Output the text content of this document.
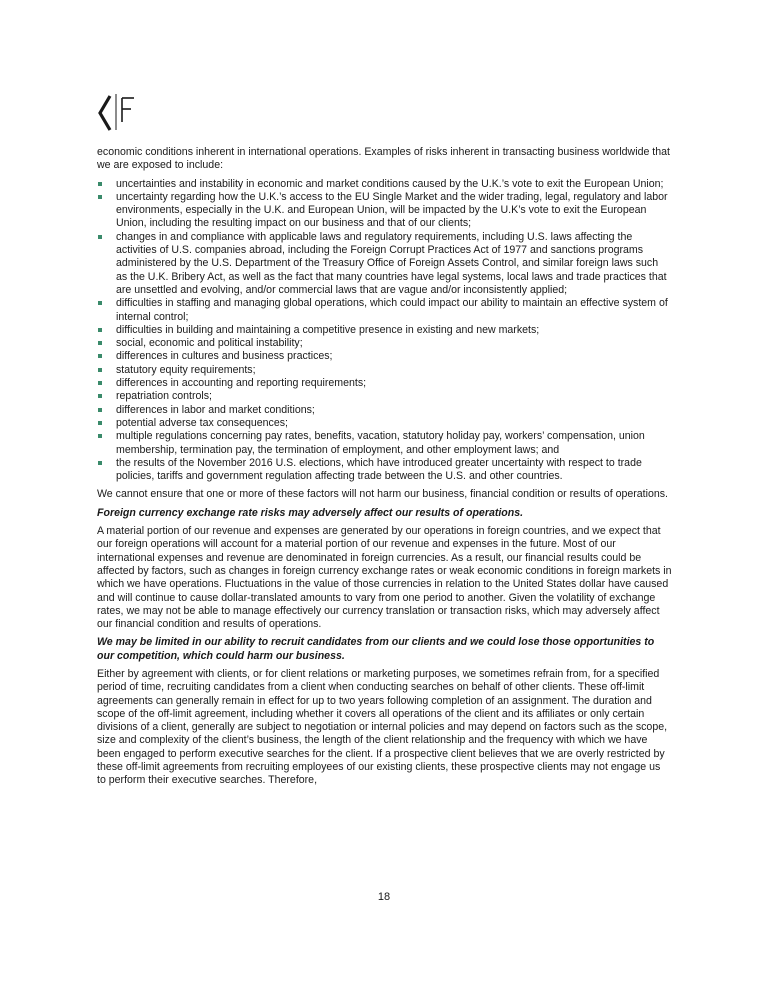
economic conditions inherent in international operations. Examples of risks inherent in transacting business worldwide that we are exposed to include:

uncertainties and instability in economic and market conditions caused by the U.K.’s vote to exit the European Union;
uncertainty regarding how the U.K.’s access to the EU Single Market and the wider trading, legal, regulatory and labor environments, especially in the U.K. and European Union, will be impacted by the U.K’s vote to exit the European Union, including the resulting impact on our business and that of our clients;
changes in and compliance with applicable laws and regulatory requirements, including U.S. laws affecting the activities of U.S. companies abroad, including the Foreign Corrupt Practices Act of 1977 and sanctions programs administered by the U.S. Department of the Treasury Office of Foreign Assets Control, and similar foreign laws such as the U.K. Bribery Act, as well as the fact that many countries have legal systems, local laws and trade practices that are unsettled and evolving, and/or commercial laws that are vague and/or inconsistently applied;
difficulties in staffing and managing global operations, which could impact our ability to maintain an effective system of internal control;
difficulties in building and maintaining a competitive presence in existing and new markets;
social, economic and political instability;
differences in cultures and business practices;
statutory equity requirements;
differences in accounting and reporting requirements;
repatriation controls;
differences in labor and market conditions;
potential adverse tax consequences;
multiple regulations concerning pay rates, benefits, vacation, statutory holiday pay, workers’ compensation, union membership, termination pay, the termination of employment, and other employment laws; and
the results of the November 2016 U.S. elections, which have introduced greater uncertainty with respect to trade policies, tariffs and government regulation affecting trade between the U.S. and other countries.

We cannot ensure that one or more of these factors will not harm our business, financial condition or results of operations.

Foreign currency exchange rate risks may adversely affect our results of operations.

A material portion of our revenue and expenses are generated by our operations in foreign countries, and we expect that our foreign operations will account for a material portion of our revenue and expenses in the future. Most of our international expenses and revenue are denominated in foreign currencies. As a result, our financial results could be affected by factors, such as changes in foreign currency exchange rates or weak economic conditions in foreign markets in which we have operations. Fluctuations in the value of those currencies in relation to the United States dollar have caused and will continue to cause dollar-translated amounts to vary from one period to another. Given the volatility of exchange rates, we may not be able to manage effectively our currency translation or transaction risks, which may adversely affect our financial condition and results of operations.

We may be limited in our ability to recruit candidates from our clients and we could lose those opportunities to our competition, which could harm our business.

Either by agreement with clients, or for client relations or marketing purposes, we sometimes refrain from, for a specified period of time, recruiting candidates from a client when conducting searches on behalf of other clients. These off-limit agreements can generally remain in effect for up to two years following completion of an assignment. The duration and scope of the off-limit agreement, including whether it covers all operations of the client and its affiliates or only certain divisions of a client, generally are subject to negotiation or internal policies and may depend on factors such as the scope, size and complexity of the client’s business, the length of the client relationship and the frequency with which we have been engaged to perform executive searches for the client. If a prospective client believes that we are overly restricted by these off-limit agreements from recruiting employees of our existing clients, these prospective clients may not engage us to perform their executive searches. Therefore,

18
